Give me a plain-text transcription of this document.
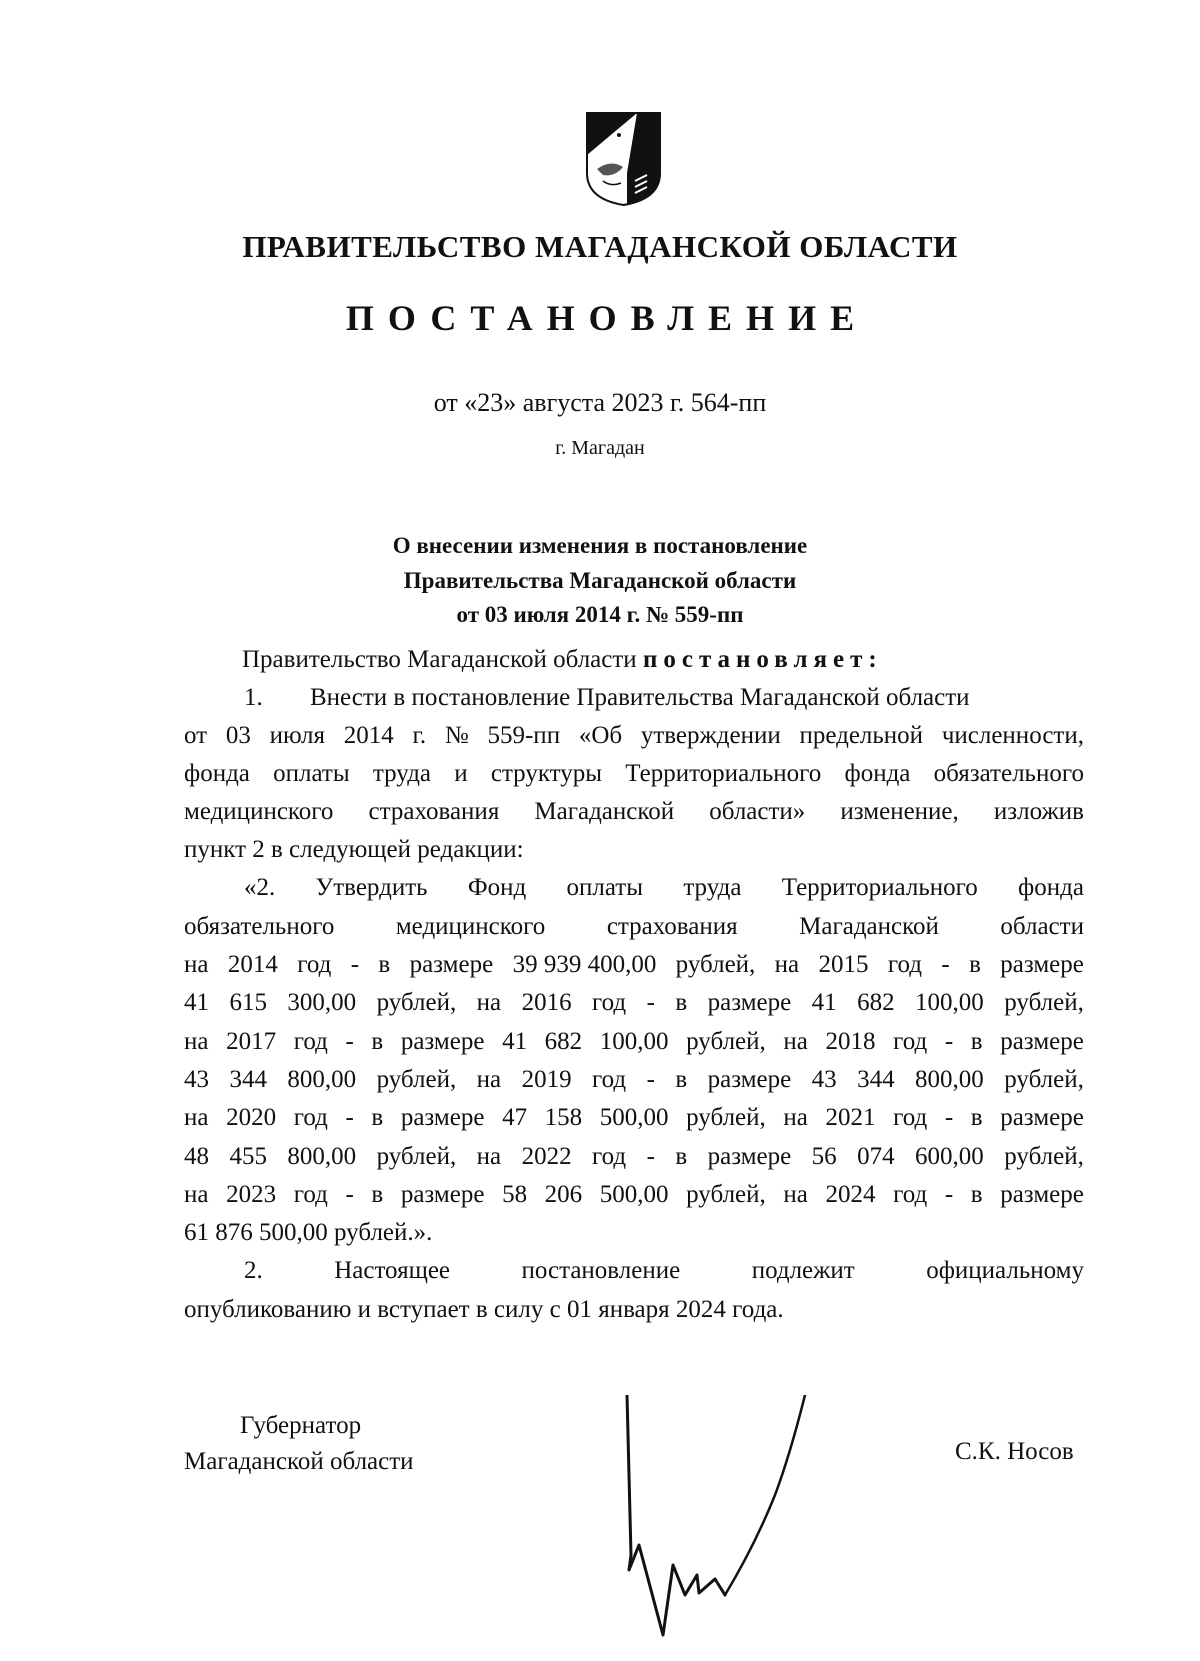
ПРАВИТЕЛЬСТВО МАГАДАНСКОЙ ОБЛАСТИ
ПОСТАНОВЛЕНИЕ
от «23» августа 2023 г. 564-пп
г. Магадан
О внесении изменения в постановление
Правительства Магаданской области
от 03 июля 2014 г. № 559-пп
Правительство Магаданской области постановляет:
1. Внести в постановление Правительства Магаданской области
от 03 июля 2014 г. № 559-пп «Об утверждении предельной численности,
фонда оплаты труда и структуры Территориального фонда обязательного
медицинского страхования Магаданской области» изменение, изложив
пункт 2 в следующей редакции:
«2. Утвердить Фонд оплаты труда Территориального фонда
обязательного медицинского страхования Магаданской области
на 2014 год - в размере 39 939 400,00 рублей, на 2015 год - в размере
41 615 300,00 рублей, на 2016 год - в размере 41 682 100,00 рублей,
на 2017 год - в размере 41 682 100,00 рублей, на 2018 год - в размере
43 344 800,00 рублей, на 2019 год - в размере 43 344 800,00 рублей,
на 2020 год - в размере 47 158 500,00 рублей, на 2021 год - в размере
48 455 800,00 рублей, на 2022 год - в размере 56 074 600,00 рублей,
на 2023 год - в размере 58 206 500,00 рублей, на 2024 год - в размере
61 876 500,00 рублей.».
2.	Настоящее	постановление	подлежит	официальному
опубликованию и вступает в силу с 01 января 2024 года.
Губернатор
Магаданской области	С.К. Носов
